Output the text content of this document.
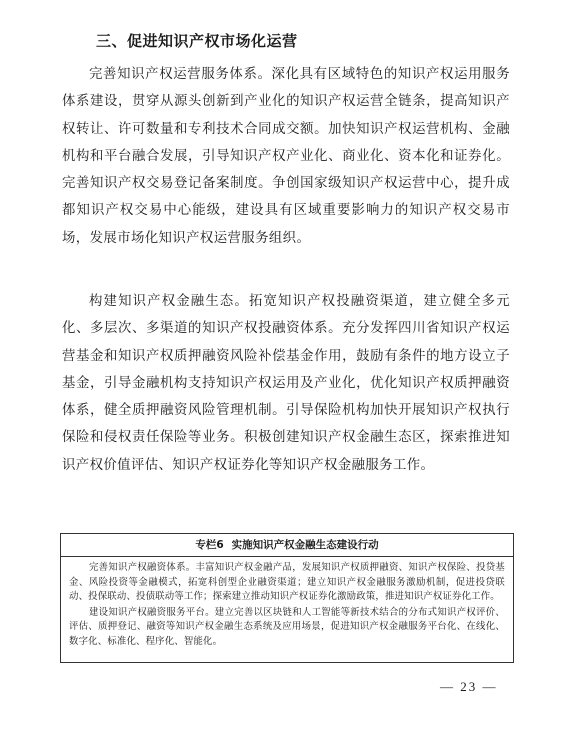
三、促进知识产权市场化运营

完善知识产权运营服务体系。深化具有区域特色的知识产权运用服务体系建设，贯穿从源头创新到产业化的知识产权运营全链条，提高知识产权转让、许可数量和专利技术合同成交额。加快知识产权运营机构、金融机构和平台融合发展，引导知识产权产业化、商业化、资本化和证券化。完善知识产权交易登记备案制度。争创国家级知识产权运营中心，提升成都知识产权交易中心能级，建设具有区域重要影响力的知识产权交易市场，发展市场化知识产权运营服务组织。

构建知识产权金融生态。拓宽知识产权投融资渠道，建立健全多元化、多层次、多渠道的知识产权投融资体系。充分发挥四川省知识产权运营基金和知识产权质押融资风险补偿基金作用，鼓励有条件的地方设立子基金，引导金融机构支持知识产权运用及产业化，优化知识产权质押融资体系，健全质押融资风险管理机制。引导保险机构加快开展知识产权执行保险和侵权责任保险等业务。积极创建知识产权金融生态区，探索推进知识产权价值评估、知识产权证券化等知识产权金融服务工作。

专栏6 实施知识产权金融生态建设行动

完善知识产权融资体系。丰富知识产权金融产品，发展知识产权质押融资、知识产权保险、投贷基金、风险投资等金融模式，拓宽科创型企业融资渠道；建立知识产权金融服务激励机制，促进投贷联动、投保联动、投债联动等工作；探索建立推动知识产权证券化激励政策，推进知识产权证券化工作。

建设知识产权融资服务平台。建立完善以区块链和人工智能等新技术结合的分布式知识产权评价、评估、质押登记、融资等知识产权金融生态系统及应用场景，促进知识产权金融服务平台化、在线化、数字化、标准化、程序化、智能化。

— 23 —
